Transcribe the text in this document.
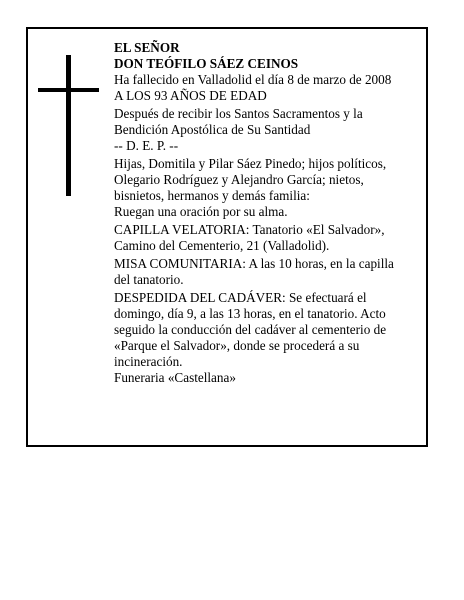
EL SEÑOR
DON TEÓFILO SÁEZ CEINOS
Ha fallecido en Valladolid el día 8 de marzo de 2008
A LOS 93 AÑOS DE EDAD
Después de recibir los Santos Sacramentos y la
Bendición Apostólica de Su Santidad
-- D. E. P. --
Hijas, Domitila y Pilar Sáez Pinedo; hijos políticos,
Olegario Rodríguez y Alejandro García; nietos,
bisnietos, hermanos y demás familia:
Ruegan una oración por su alma.
CAPILLA VELATORIA: Tanatorio «El Salvador»,
Camino del Cementerio, 21 (Valladolid).
MISA COMUNITARIA: A las 10 horas, en la capilla
del tanatorio.
DESPEDIDA DEL CADÁVER: Se efectuará el
domingo, día 9, a las 13 horas, en el tanatorio. Acto
seguido la conducción del cadáver al cementerio de
«Parque el Salvador», donde se procederá a su
incineración.
Funeraria «Castellana»
